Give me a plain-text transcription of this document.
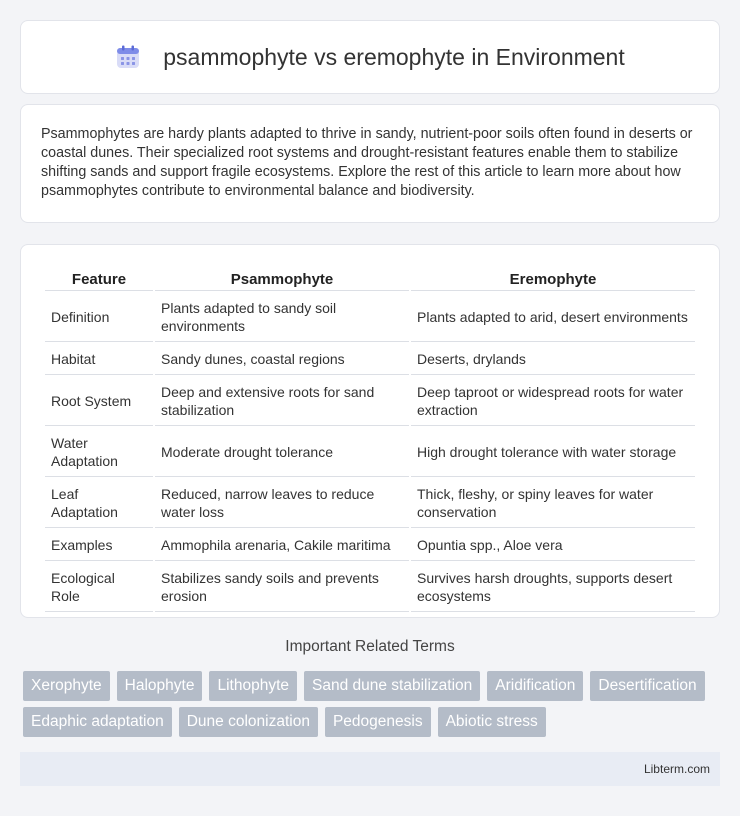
psammophyte vs eremophyte in Environment

Psammophytes are hardy plants adapted to thrive in sandy, nutrient-poor soils often found in deserts or coastal dunes. Their specialized root systems and drought-resistant features enable them to stabilize shifting sands and support fragile ecosystems. Explore the rest of this article to learn more about how psammophytes contribute to environmental balance and biodiversity.

Feature	Psammophyte	Eremophyte
Definition	Plants adapted to sandy soil environments	Plants adapted to arid, desert environments
Habitat	Sandy dunes, coastal regions	Deserts, drylands
Root System	Deep and extensive roots for sand stabilization	Deep taproot or widespread roots for water extraction
Water Adaptation	Moderate drought tolerance	High drought tolerance with water storage
Leaf Adaptation	Reduced, narrow leaves to reduce water loss	Thick, fleshy, or spiny leaves for water conservation
Examples	Ammophila arenaria, Cakile maritima	Opuntia spp., Aloe vera
Ecological Role	Stabilizes sandy soils and prevents erosion	Survives harsh droughts, supports desert ecosystems
Important Related Terms
Xerophyte	Halophyte	Lithophyte	Sand dune stabilization	Aridification	Desertification
Edaphic adaptation	Dune colonization	Pedogenesis	Abiotic stress
Libterm.com
